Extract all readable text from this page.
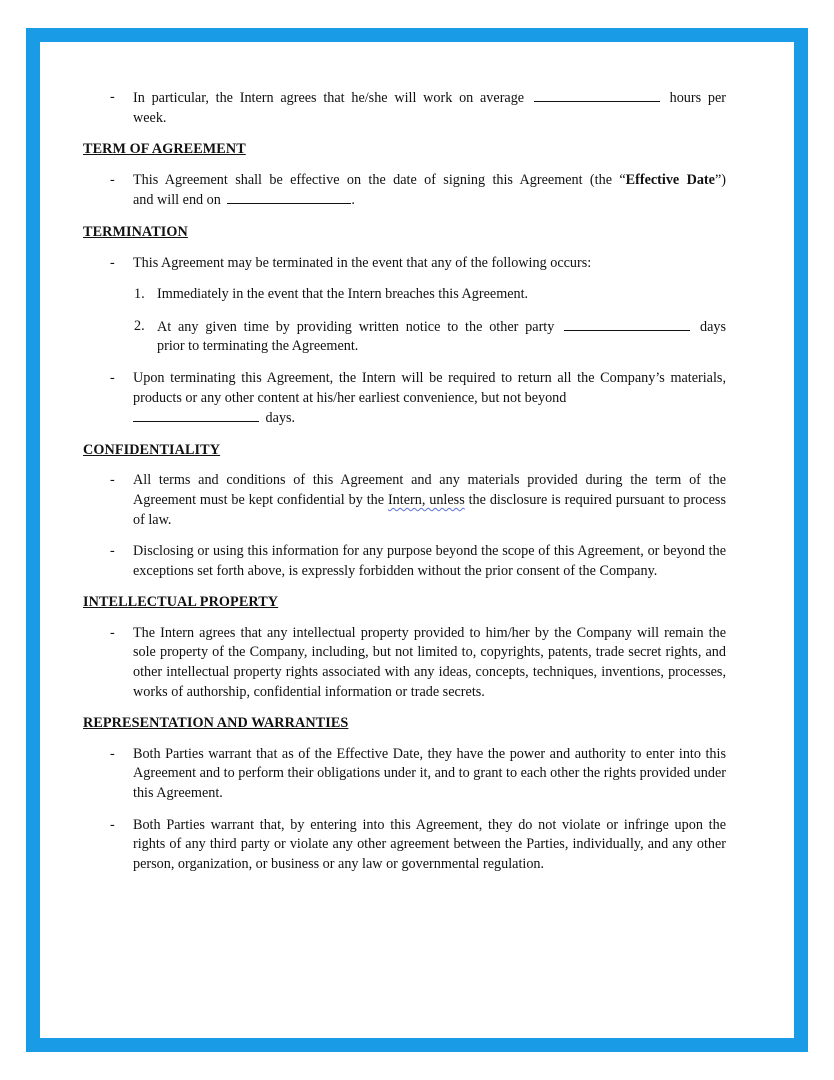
- In particular, the Intern agrees that he/she will work on average	hours per
week.
TERM OF AGREEMENT
- This Agreement shall be effective on the date of signing this Agreement (the “Effective Date”)
and will end on	.
TERMINATION
- This Agreement may be terminated in the event that any of the following occurs:
1. Immediately in the event that the Intern breaches this Agreement.
2. At any given time by providing written notice to the other party	days
prior to terminating the Agreement.
- Upon terminating this Agreement, the Intern will be required to return all the Company’s materials, products or any other content at his/her earliest convenience, but not beyond
days.
CONFIDENTIALITY
- All terms and conditions of this Agreement and any materials provided during the term of the Agreement must be kept confidential by the Intern, unless the disclosure is required pursuant to process of law.
- Disclosing or using this information for any purpose beyond the scope of this Agreement, or beyond the exceptions set forth above, is expressly forbidden without the prior consent of the Company.
INTELLECTUAL PROPERTY
- The Intern agrees that any intellectual property provided to him/her by the Company will remain the sole property of the Company, including, but not limited to, copyrights, patents, trade secret rights, and other intellectual property rights associated with any ideas, concepts, techniques, inventions, processes, works of authorship, confidential information or trade secrets.
REPRESENTATION AND WARRANTIES
- Both Parties warrant that as of the Effective Date, they have the power and authority to enter into this Agreement and to perform their obligations under it, and to grant to each other the rights provided under this Agreement.
- Both Parties warrant that, by entering into this Agreement, they do not violate or infringe upon the rights of any third party or violate any other agreement between the Parties, individually, and any other person, organization, or business or any law or governmental regulation.
